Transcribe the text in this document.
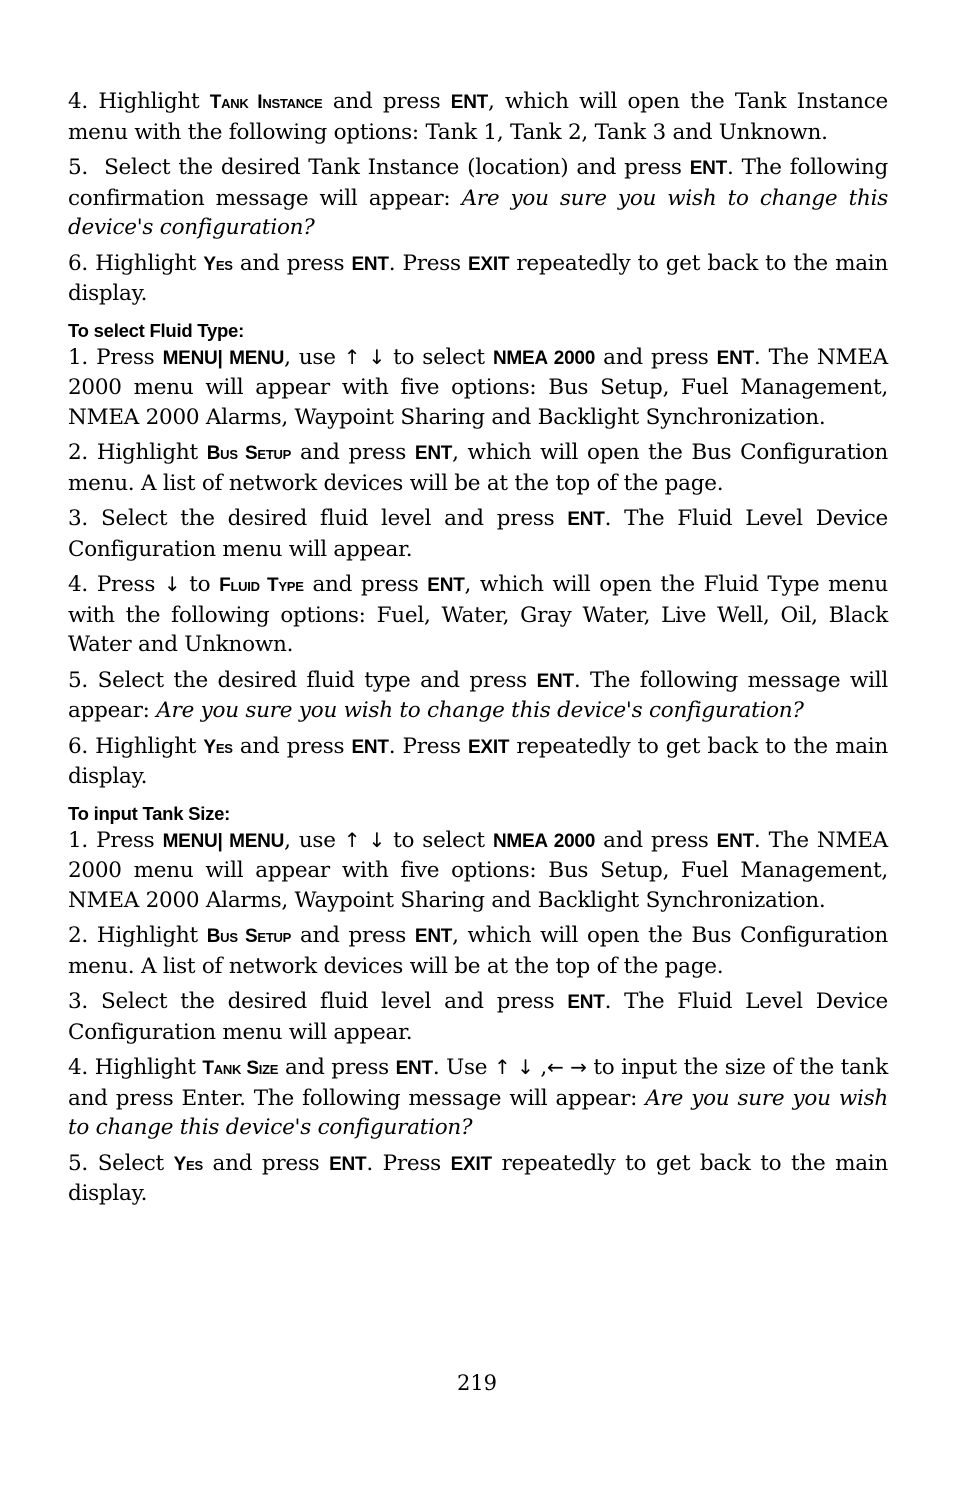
4. Highlight Tank Instance and press ENT, which will open the Tank Instance menu with the following options: Tank 1, Tank 2, Tank 3 and Unknown.

5. Select the desired Tank Instance (location) and press ENT. The following confirmation message will appear: Are you sure you wish to change this device's configuration?

6. Highlight Yes and press ENT. Press EXIT repeatedly to get back to the main display.

To select Fluid Type:

1. Press MENU| MENU, use ↑ ↓ to select NMEA 2000 and press ENT. The NMEA 2000 menu will appear with five options: Bus Setup, Fuel Management, NMEA 2000 Alarms, Waypoint Sharing and Backlight Synchronization.

2. Highlight Bus Setup and press ENT, which will open the Bus Configuration menu. A list of network devices will be at the top of the page.

3. Select the desired fluid level and press ENT. The Fluid Level Device Configuration menu will appear.

4. Press ↓ to Fluid Type and press ENT, which will open the Fluid Type menu with the following options: Fuel, Water, Gray Water, Live Well, Oil, Black Water and Unknown.

5. Select the desired fluid type and press ENT. The following message will appear: Are you sure you wish to change this device's configuration?

6. Highlight Yes and press ENT. Press EXIT repeatedly to get back to the main display.

To input Tank Size:

1. Press MENU| MENU, use ↑ ↓ to select NMEA 2000 and press ENT. The NMEA 2000 menu will appear with five options: Bus Setup, Fuel Management, NMEA 2000 Alarms, Waypoint Sharing and Backlight Synchronization.

2. Highlight Bus Setup and press ENT, which will open the Bus Configuration menu. A list of network devices will be at the top of the page.

3. Select the desired fluid level and press ENT. The Fluid Level Device Configuration menu will appear.

4. Highlight Tank Size and press ENT. Use ↑ ↓ ,← → to input the size of the tank and press Enter. The following message will appear: Are you sure you wish to change this device's configuration?

5. Select Yes and press ENT. Press EXIT repeatedly to get back to the main display.

219
